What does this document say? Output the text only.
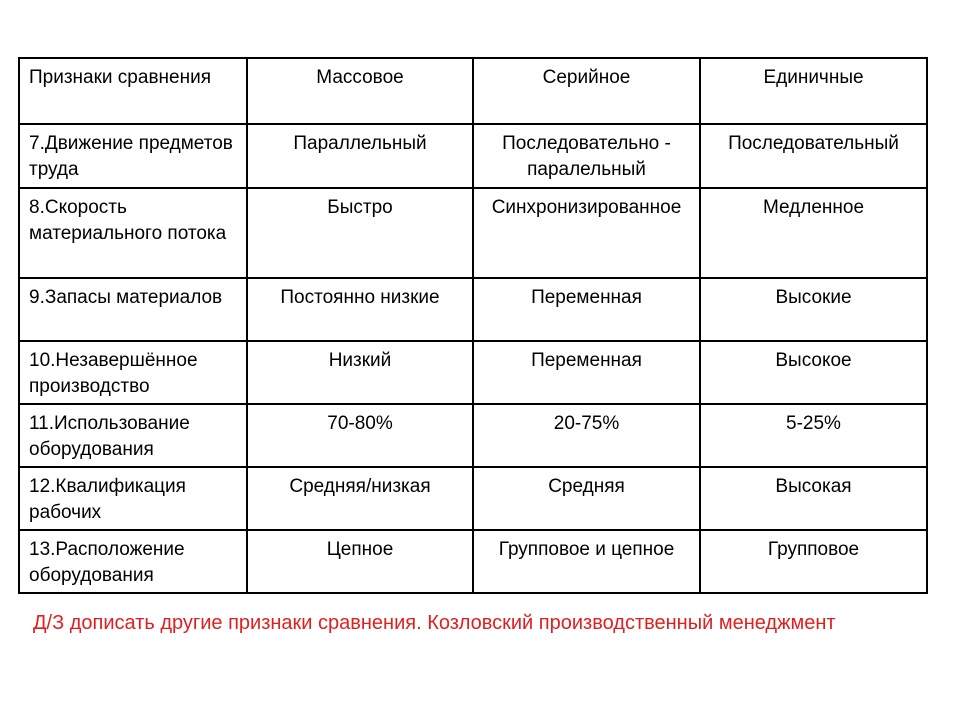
Признаки сравнения	Массовое	Серийное	Единичные
7.Движение предметов труда	Параллельный	Последовательно - паралельный	Последовательный
8.Скорость материального потока	Быстро	Синхронизированное	Медленное
9.Запасы материалов	Постоянно низкие	Переменная	Высокие
10.Незавершённое производство	Низкий	Переменная	Высокое
11.Использование оборудования	70-80%	20-75%	5-25%
12.Квалификация рабочих	Средняя/низкая	Средняя	Высокая
13.Расположение оборудования	Цепное	Групповое и цепное	Групповое
Д/З дописать другие признаки сравнения. Козловский производственный менеджмент
